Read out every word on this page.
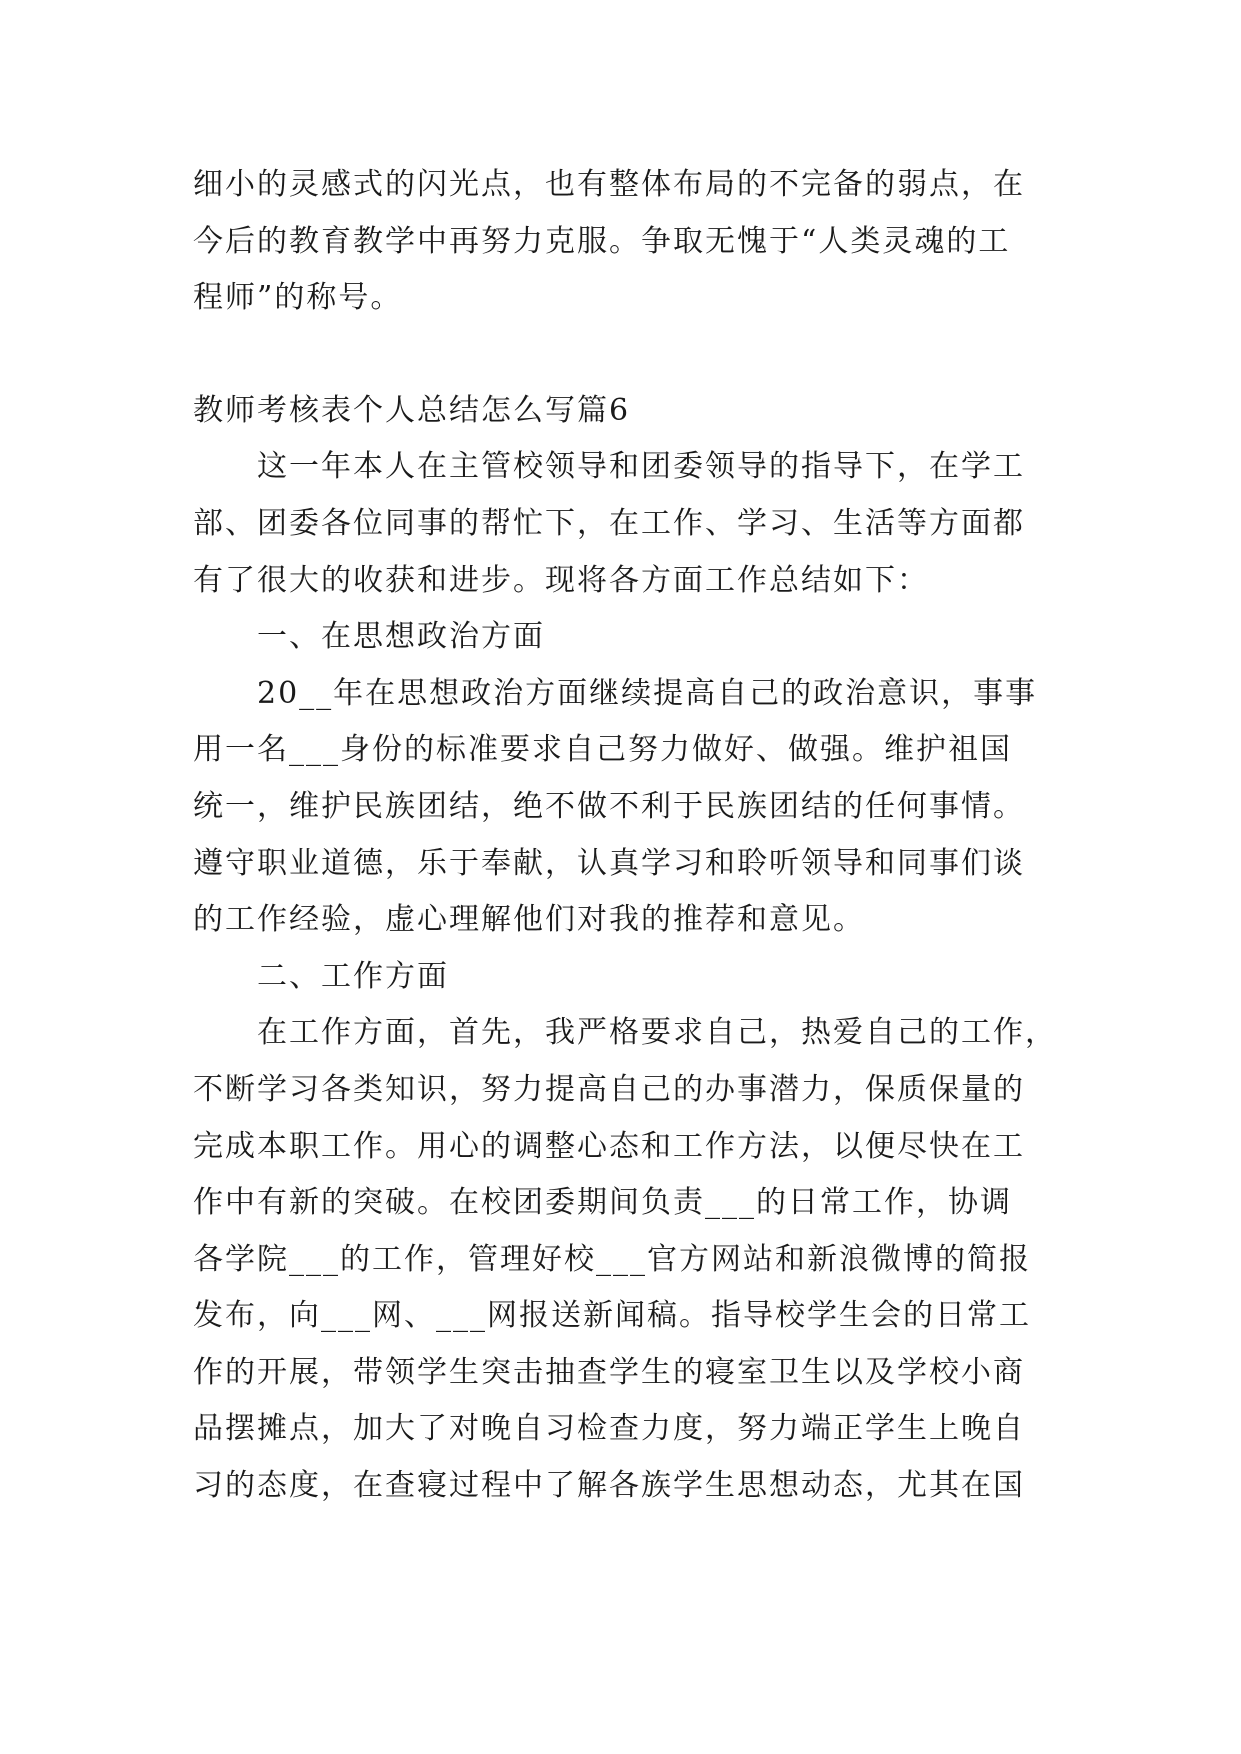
细小的灵感式的闪光点，也有整体布局的不完备的弱点，在
今后的教育教学中再努力克服。争取无愧于“人类灵魂的工
程师”的称号。
教师考核表个人总结怎么写篇6
这一年本人在主管校领导和团委领导的指导下，在学工
部、团委各位同事的帮忙下，在工作、学习、生活等方面都
有了很大的收获和进步。现将各方面工作总结如下：
一、在思想政治方面
20__年在思想政治方面继续提高自己的政治意识，事事
用一名___身份的标准要求自己努力做好、做强。维护祖国
统一，维护民族团结，绝不做不利于民族团结的任何事情。
遵守职业道德，乐于奉献，认真学习和聆听领导和同事们谈
的工作经验，虚心理解他们对我的推荐和意见。
二、工作方面
在工作方面，首先，我严格要求自己，热爱自己的工作，
不断学习各类知识，努力提高自己的办事潜力，保质保量的
完成本职工作。用心的调整心态和工作方法，以便尽快在工
作中有新的突破。在校团委期间负责___的日常工作，协调
各学院___的工作，管理好校___官方网站和新浪微博的简报
发布，向___网、___网报送新闻稿。指导校学生会的日常工
作的开展，带领学生突击抽查学生的寝室卫生以及学校小商
品摆摊点，加大了对晚自习检查力度，努力端正学生上晚自
习的态度，在查寝过程中了解各族学生思想动态，尤其在国
